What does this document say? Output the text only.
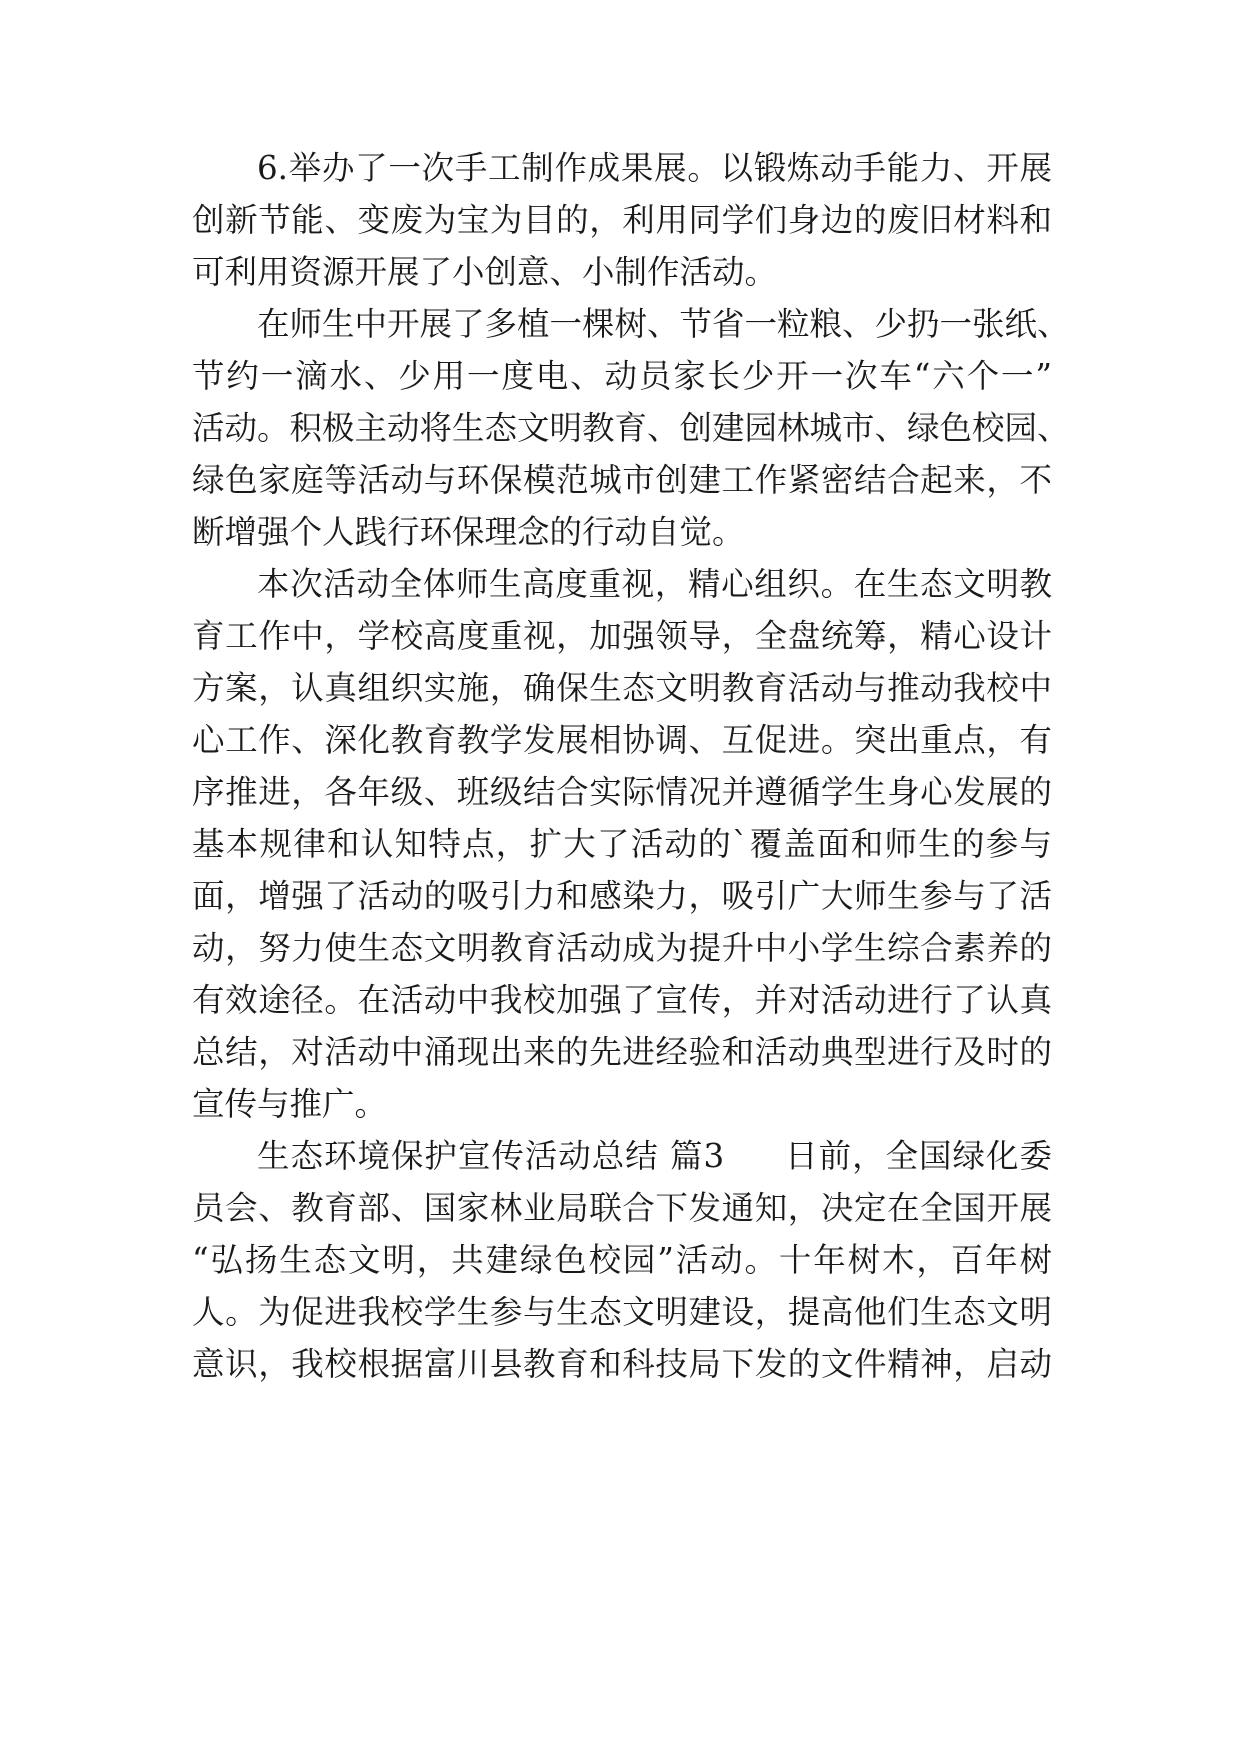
6.举办了一次手工制作成果展。以锻炼动手能力、开展

创新节能、变废为宝为目的，利用同学们身边的废旧材料和

可利用资源开展了小创意、小制作活动。

在师生中开展了多植一棵树、节省一粒粮、少扔一张纸、

节约一滴水、少用一度电、动员家长少开一次车“六个一”

活动。积极主动将生态文明教育、创建园林城市、绿色校园、

绿色家庭等活动与环保模范城市创建工作紧密结合起来，不

断增强个人践行环保理念的行动自觉。

本次活动全体师生高度重视，精心组织。在生态文明教

育工作中，学校高度重视，加强领导，全盘统筹，精心设计

方案，认真组织实施，确保生态文明教育活动与推动我校中

心工作、深化教育教学发展相协调、互促进。突出重点，有

序推进，各年级、班级结合实际情况并遵循学生身心发展的

基本规律和认知特点，扩大了活动的`覆盖面和师生的参与

面，增强了活动的吸引力和感染力，吸引广大师生参与了活

动，努力使生态文明教育活动成为提升中小学生综合素养的

有效途径。在活动中我校加强了宣传，并对活动进行了认真

总结，对活动中涌现出来的先进经验和活动典型进行及时的

宣传与推广。

生态环境保护宣传活动总结 篇3 日前，全国绿化委

员会、教育部、国家林业局联合下发通知，决定在全国开展

“弘扬生态文明，共建绿色校园”活动。十年树木，百年树

人。为促进我校学生参与生态文明建设，提高他们生态文明

意识，我校根据富川县教育和科技局下发的文件精神，启动
